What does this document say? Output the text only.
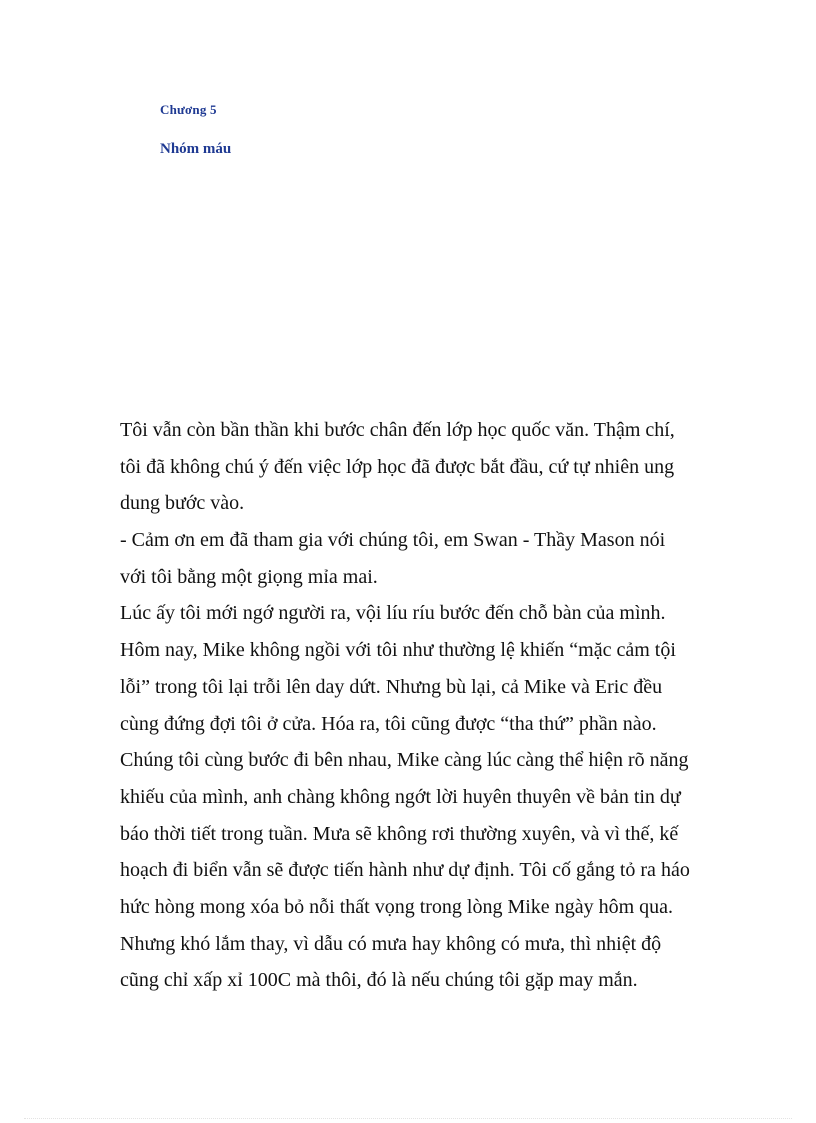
Chương 5
Nhóm máu
Tôi vẫn còn bần thần khi bước chân đến lớp học quốc văn. Thậm chí,
tôi đã không chú ý đến việc lớp học đã được bắt đầu, cứ tự nhiên ung
dung bước vào.
- Cảm ơn em đã tham gia với chúng tôi, em Swan - Thầy Mason nói
với tôi bằng một giọng mỉa mai.
Lúc ấy tôi mới ngớ người ra, vội líu ríu bước đến chỗ bàn của mình.
Hôm nay, Mike không ngồi với tôi như thường lệ khiến “mặc cảm tội
lỗi” trong tôi lại trỗi lên day dứt. Nhưng bù lại, cả Mike và Eric đều
cùng đứng đợi tôi ở cửa. Hóa ra, tôi cũng được “tha thứ” phần nào.
Chúng tôi cùng bước đi bên nhau, Mike càng lúc càng thể hiện rõ năng
khiếu của mình, anh chàng không ngớt lời huyên thuyên về bản tin dự
báo thời tiết trong tuần. Mưa sẽ không rơi thường xuyên, và vì thế, kế
hoạch đi biển vẫn sẽ được tiến hành như dự định. Tôi cố gắng tỏ ra háo
hức hòng mong xóa bỏ nỗi thất vọng trong lòng Mike ngày hôm qua.
Nhưng khó lắm thay, vì dẫu có mưa hay không có mưa, thì nhiệt độ
cũng chỉ xấp xỉ 100C mà thôi, đó là nếu chúng tôi gặp may mắn.
